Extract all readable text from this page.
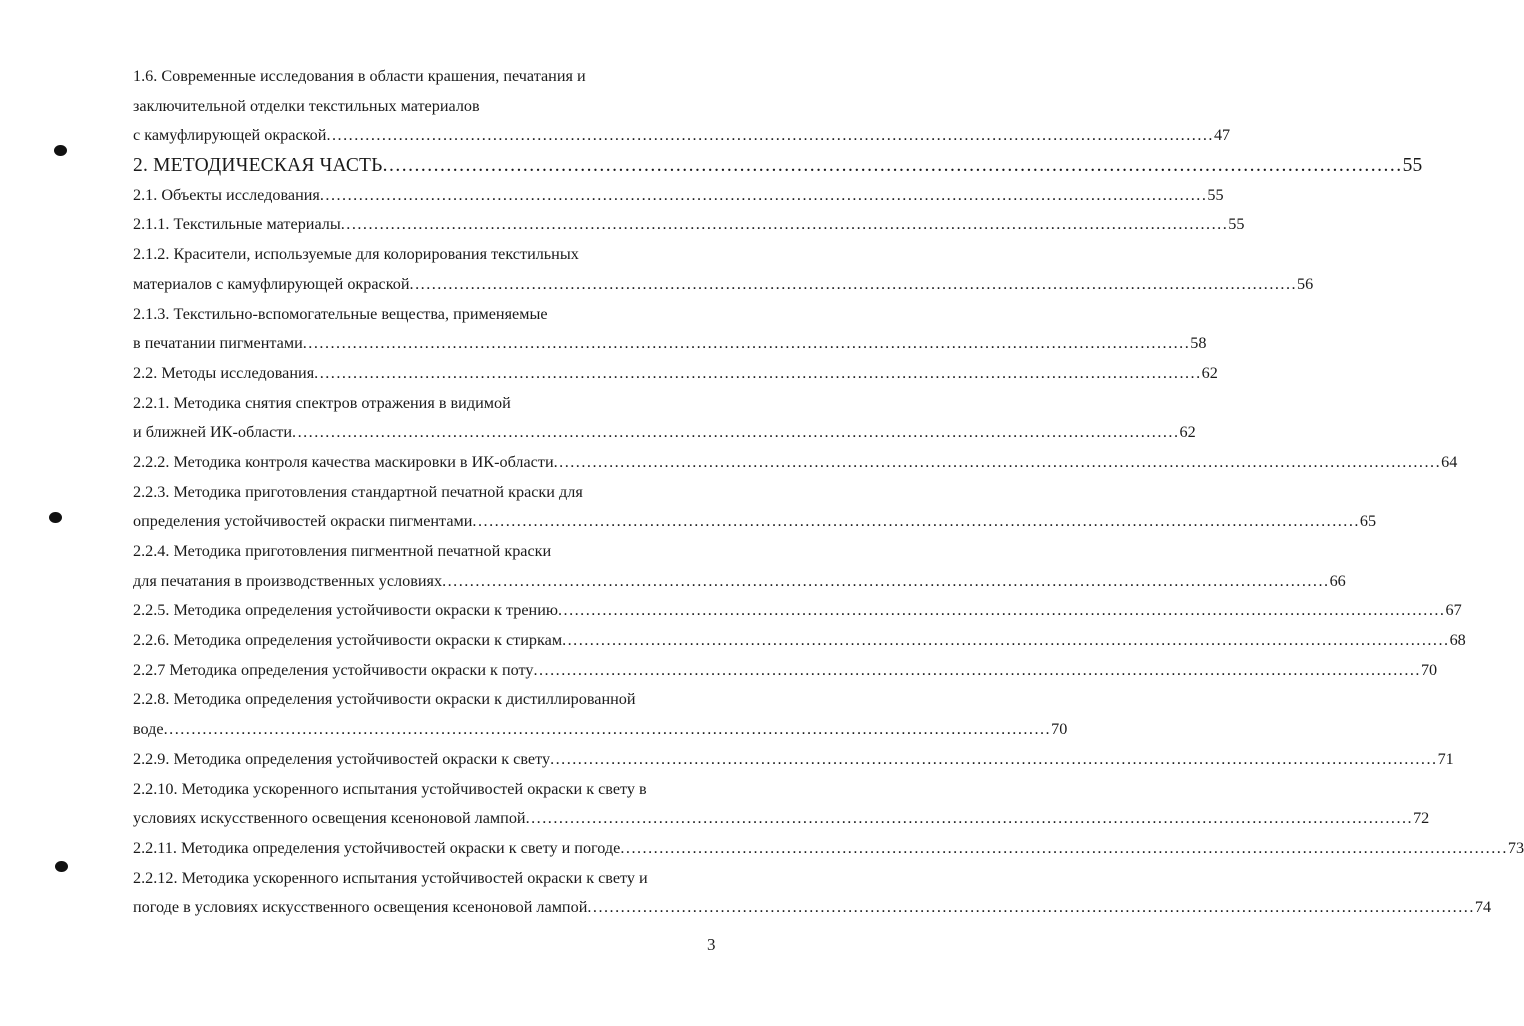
1.6. Современные исследования в области крашения, печатания и
заключительной отделки текстильных материалов
с камуфлирующей окраской ................................................................................................................................................................ 47
2. МЕТОДИЧЕСКАЯ ЧАСТЬ ................................................................................................................................................................ 55
2.1. Объекты исследования ................................................................................................................................................................ 55
2.1.1. Текстильные материалы ................................................................................................................................................................ 55
2.1.2. Красители, используемые для колорирования текстильных
материалов с камуфлирующей окраской ................................................................................................................................................................ 56
2.1.3. Текстильно-вспомогательные вещества, применяемые
в печатании пигментами ................................................................................................................................................................ 58
2.2. Методы исследования ................................................................................................................................................................ 62
2.2.1. Методика снятия спектров отражения в видимой
и ближней ИК-области ................................................................................................................................................................ 62
2.2.2. Методика контроля качества маскировки в ИК-области ................................................................................................................................................................ 64
2.2.3. Методика приготовления стандартной печатной краски для
определения устойчивостей окраски пигментами ................................................................................................................................................................ 65
2.2.4. Методика приготовления пигментной печатной краски
для печатания в производственных условиях ................................................................................................................................................................ 66
2.2.5. Методика определения устойчивости окраски к трению ................................................................................................................................................................ 67
2.2.6. Методика определения устойчивости окраски к стиркам ................................................................................................................................................................ 68
2.2.7 Методика определения устойчивости окраски к поту ................................................................................................................................................................ 70
2.2.8. Методика определения устойчивости окраски к дистиллированной
воде ................................................................................................................................................................ 70
2.2.9. Методика определения устойчивостей окраски к свету ................................................................................................................................................................ 71
2.2.10. Методика ускоренного испытания устойчивостей окраски к свету в
условиях искусственного освещения ксеноновой лампой ................................................................................................................................................................ 72
2.2.11. Методика определения устойчивостей окраски к свету и погоде ................................................................................................................................................................ 73
2.2.12. Методика ускоренного испытания устойчивостей окраски к свету и
погоде в условиях искусственного освещения ксеноновой лампой ................................................................................................................................................................ 74
3
